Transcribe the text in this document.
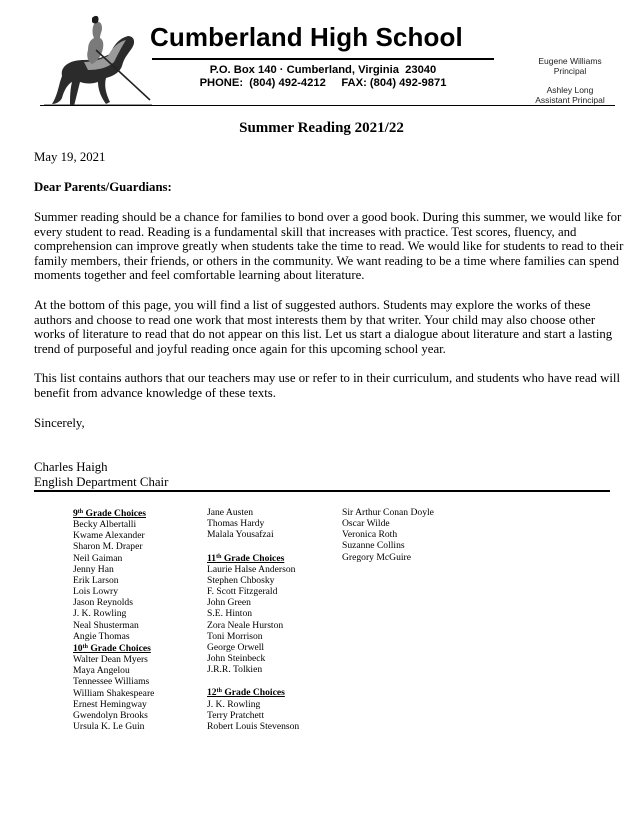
Cumberland High School
P.O. Box 140 · Cumberland, Virginia  23040
PHONE:  (804) 492-4212     FAX: (804) 492-9871
Eugene Williams
Principal
Ashley Long
Assistant Principal
Summer Reading 2021/22
May 19, 2021
Dear Parents/Guardians:
Summer reading should be a chance for families to bond over a good book. During this summer, we would like for every student to read. Reading is a fundamental skill that increases with practice. Test scores, fluency, and comprehension can improve greatly when students take the time to read. We would like for students to read to their family members, their friends, or others in the community. We want reading to be a time where families can spend moments together and feel comfortable learning about literature.
At the bottom of this page, you will find a list of suggested authors. Students may explore the works of these authors and choose to read one work that most interests them by that writer. Your child may also choose other works of literature to read that do not appear on this list. Let us start a dialogue about literature and start a lasting trend of purposeful and joyful reading once again for this upcoming school year.
This list contains authors that our teachers may use or refer to in their curriculum, and students who have read will benefit from advance knowledge of these texts.
Sincerely,
Charles Haigh
English Department Chair
9th Grade Choices
Becky Albertalli
Kwame Alexander
Sharon M. Draper
Neil Gaiman
Jenny Han
Erik Larson
Lois Lowry
Jason Reynolds
J. K. Rowling
Neal Shusterman
Angie Thomas
10th Grade Choices
Walter Dean Myers
Maya Angelou
Tennessee Williams
William Shakespeare
Ernest Hemingway
Gwendolyn Brooks
Ursula K. Le Guin
Jane Austen
Thomas Hardy
Malala Yousafzai
11th Grade Choices
Laurie Halse Anderson
Stephen Chbosky
F. Scott Fitzgerald
John Green
S.E. Hinton
Zora Neale Hurston
Toni Morrison
George Orwell
John Steinbeck
J.R.R. Tolkien
12th Grade Choices
J. K. Rowling
Terry Pratchett
Robert Louis Stevenson
Sir Arthur Conan Doyle
Oscar Wilde
Veronica Roth
Suzanne Collins
Gregory McGuire
